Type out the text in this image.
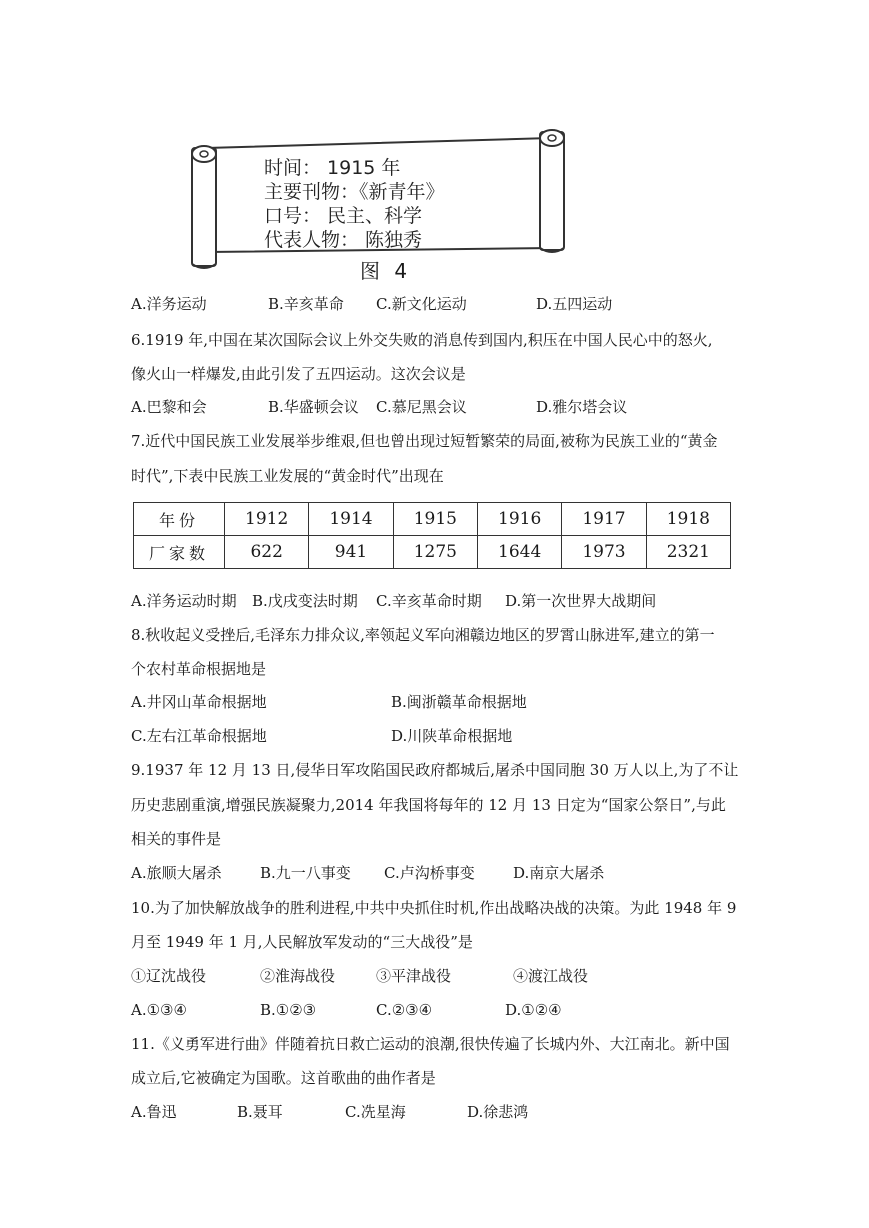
时间： 1915 年
主要刊物：《新青年》
口号： 民主、科学
代表人物： 陈独秀
图 4
A.洋务运动	B.辛亥革命 C.新文化运动	D.五四运动
6.1919 年,中国在某次国际会议上外交失败的消息传到国内,积压在中国人民心中的怒火,
像火山一样爆发,由此引发了五四运动。这次会议是
A.巴黎和会	B.华盛顿会议 C.慕尼黑会议	D.雅尔塔会议
7.近代中国民族工业发展举步维艰,但也曾出现过短暂繁荣的局面,被称为民族工业的“黄金
时代”,下表中民族工业发展的“黄金时代”出现在
年份	1912	1914	1915	1916	1917	1918
厂家数	622	941	1275	1644	1973	2321
A.洋务运动时期 B.戊戌变法时期 C.辛亥革命时期 D.第一次世界大战期间
8.秋收起义受挫后,毛泽东力排众议,率领起义军向湘赣边地区的罗霄山脉进军,建立的第一
个农村革命根据地是
A.井冈山革命根据地	B.闽浙赣革命根据地
C.左右江革命根据地	D.川陕革命根据地
9.1937 年 12 月 13 日,侵华日军攻陷国民政府都城后,屠杀中国同胞 30 万人以上,为了不让
历史悲剧重演,增强民族凝聚力,2014 年我国将每年的 12 月 13 日定为“国家公祭日”,与此
相关的事件是
A.旅顺大屠杀	B.九一八事变 C.卢沟桥事变	D.南京大屠杀
10.为了加快解放战争的胜利进程,中共中央抓住时机,作出战略决战的决策。为此 1948 年 9
月至 1949 年 1 月,人民解放军发动的“三大战役”是
①辽沈战役	②淮海战役	③平津战役	④渡江战役
A.①③④	B.①②③	C.②③④	D.①②④
11.《义勇军进行曲》伴随着抗日救亡运动的浪潮,很快传遍了长城内外、大江南北。新中国
成立后,它被确定为国歌。这首歌曲的曲作者是
A.鲁迅	B.聂耳	C.冼星海	D.徐悲鸿
